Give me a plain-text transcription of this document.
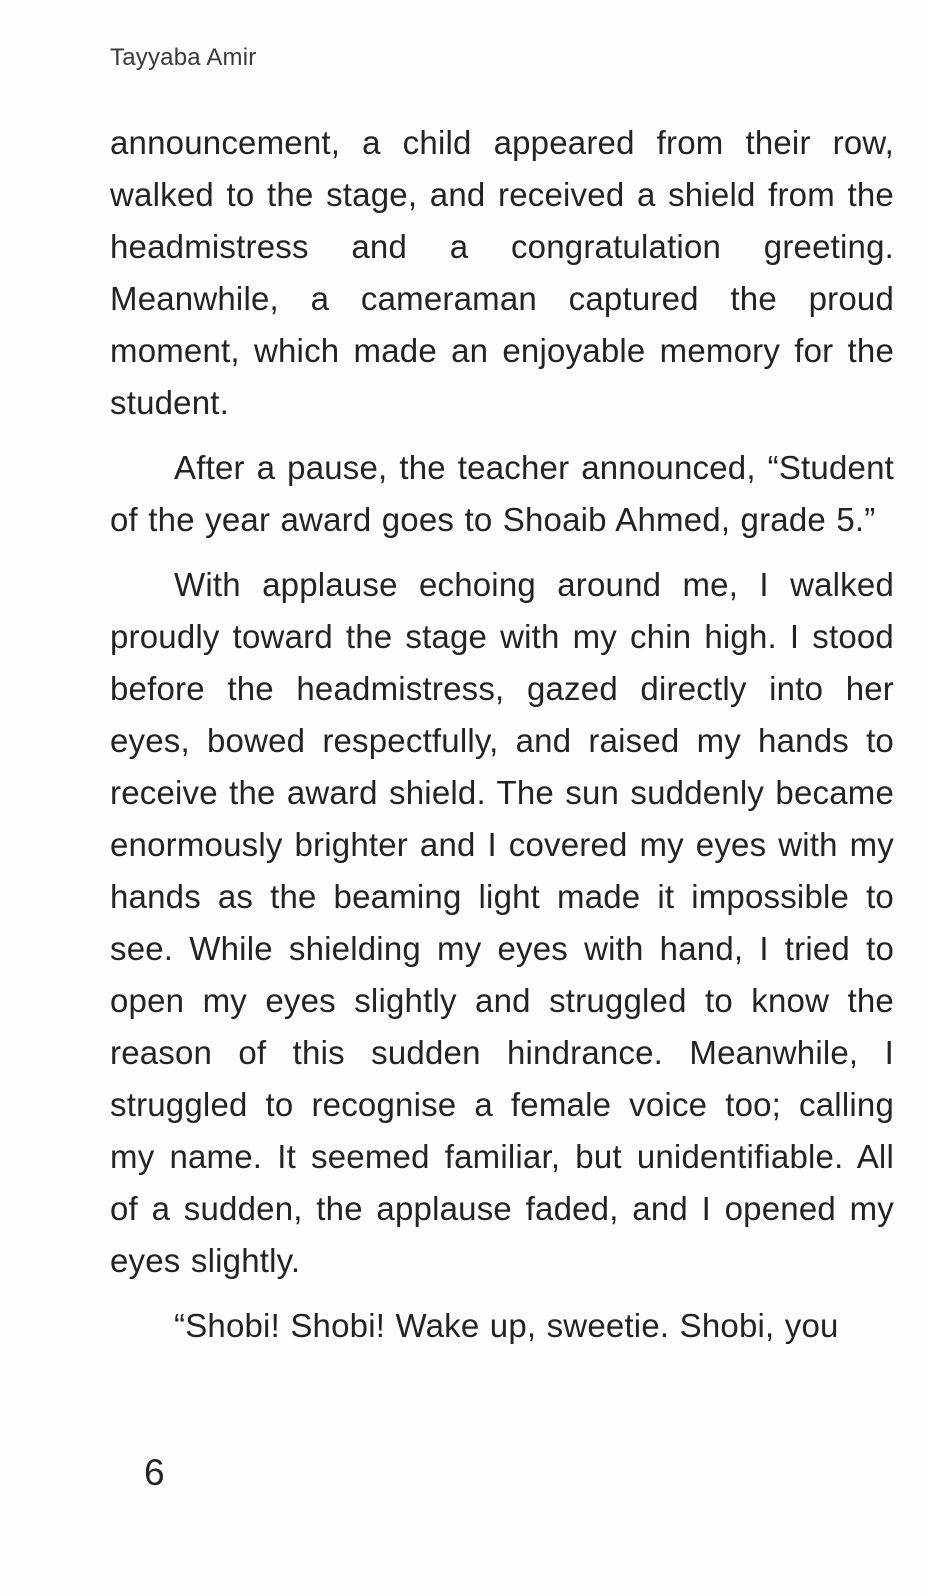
Tayyaba Amir

announcement, a child appeared from their row, walked to the stage, and received a shield from the headmistress and a congratulation greeting. Meanwhile, a cameraman captured the proud moment, which made an enjoyable memory for the student.

After a pause, the teacher announced, “Student of the year award goes to Shoaib Ahmed, grade 5.”

With applause echoing around me, I walked proudly toward the stage with my chin high. I stood before the headmistress, gazed directly into her eyes, bowed respectfully, and raised my hands to receive the award shield. The sun suddenly became enormously brighter and I covered my eyes with my hands as the beaming light made it impossible to see. While shielding my eyes with hand, I tried to open my eyes slightly and struggled to know the reason of this sudden hindrance. Meanwhile, I struggled to recognise a female voice too; calling my name. It seemed familiar, but unidentifiable. All of a sudden, the applause faded, and I opened my eyes slightly.

“Shobi! Shobi! Wake up, sweetie. Shobi, you

6
